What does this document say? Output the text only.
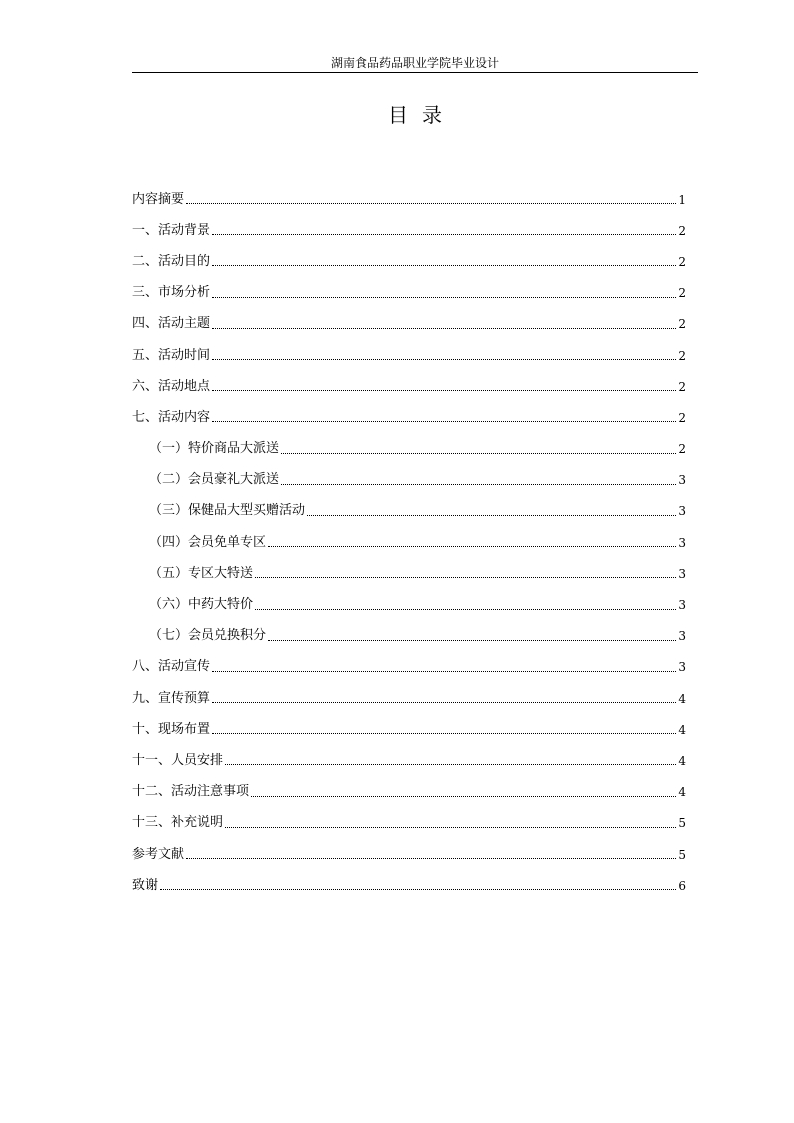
湖南食品药品职业学院毕业设计
目录
内容摘要	1
一、活动背景	2
二、活动目的	2
三、市场分析	2
四、活动主题	2
五、活动时间	2
六、活动地点	2
七、活动内容	2
（一）特价商品大派送	2
（二）会员豪礼大派送	3
（三）保健品大型买赠活动	3
（四）会员免单专区	3
（五）专区大特送	3
（六）中药大特价	3
（七）会员兑换积分	3
八、活动宣传	3
九、宣传预算	4
十、现场布置	4
十一、人员安排	4
十二、活动注意事项	4
十三、补充说明	5
参考文献	5
致谢	6
